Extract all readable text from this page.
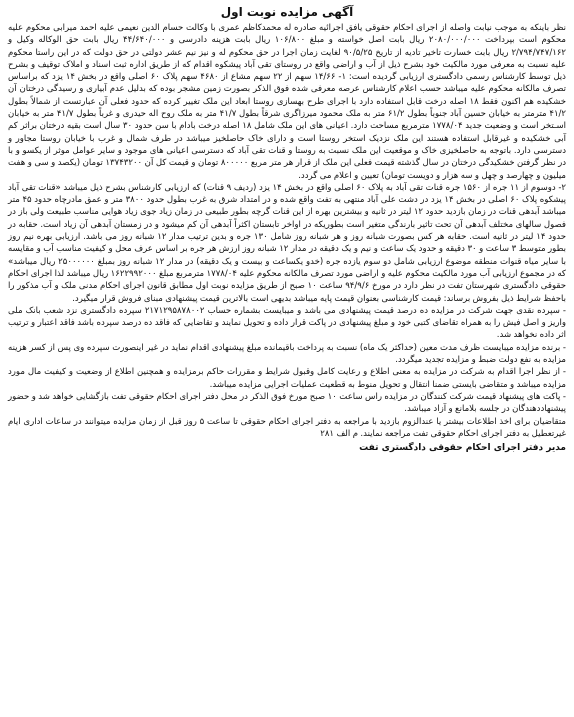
آگهی مزایده نوبت اول

نظر باینکه به موجب نیابت واصله از اجرای احکام حقوقی یافق اجرائیه صادره له محمدکاظم عمری با وکالت حسام الدین نعیمی علیه احمد میرابی محکوم علیه محکوم است بپرداخت ۲۰۸۰/۰۰۰/۰۰۰ ریال بابت اصل خواسته و مبلغ ۱۰۶/۸۰۰ ریال بابت هزینه دادرسی و ۴۴/۶۴۰/۰۰۰ ریال بابت حق الوکاله وکیل و ۲/۷۹۴/۷۴۷/۱۶۲ ریال بابت خسارت تاخیر تادیه از تاریخ ۹۰/۵/۲۵ لغایت زمان اجرا در حق محکوم له و نیز نیم عشر دولتی در حق دولت که در این راستا محکوم علیه نسبت به معرفی مورد مالکیت خود بشرح ذیل از آب و اراضی واقع در روستای تقی آباد پیشکوه اقدام که از طریق اداره ثبت اسناد و املاک توقیف و بشرح ذیل توسط کارشناس رسمی دادگستری ارزیابی گردیده است: ۱- ۱۴/۶۶ سهم از ۲۲ سهم مشاع از ۴۶۸۰ سهم پلاک ۶۰ اصلی واقع در بخش ۱۴ یزد که براساس تصرف مالکانه محکوم علیه میباشد حسب اعلام کارشناس عرصه معرفی شده فوق الذکر بصورت زمین مشجر بوده که بدلیل عدم آبیاری و رسیدگی درختان آن خشکیده هم اکنون فقط ۱۸ اصله درخت قابل استفاده دارد با اجرای طرح بهسازی روستا ابعاد این ملک تغییر کرده که حدود فعلی آن عبارتست از شمالاً بطول ۴۱/۲ مترمتر به خیابان حسین آباد جنوباً بطول ۶۱/۲ متر به ملک محمود میرزاگری شرقاً بطول ۴۱/۷ متر به ملک روح اله حیدری و غرباً بطول ۴۱/۷ متر به خیابان اسـتخر است و وضعیت جدید ۱۷۷۸/۰۴ مترمربع مساحت دارد. اعیانی های این ملک شامل ۱۸ اصله درخت بادام با سن حدود ۳۰ سال است بقیه درختان براثر کم آبی خشکیده و غیرقابل استفاده هستند این ملک نزدیک استخر روستا است و دارای خاک حاصلخیز میباشد در طرف شمال و غرب با خیابان روستا مجاور و دسترسی دارد. باتوجه به حاصلخیزی خاک و موقعیت این ملک نسبت به روستا و قنات تقی آباد که دسترسی اعیانی های موجود و سایر عوامل موثر از یکسو و با در نظر گرفتن خشکیدگی درختان در سال گذشته قیمت فعلی این ملک از قرار هر متر مربع ۸۰۰۰۰۰ تومان و قیمت کل آن ۱۳۷۴۳۲۰۰ تومان (یکصد و سی و هفت میلیون و چهارصد و چهل و سه هزار و دویست تومان) تعیین و اعلام می گردد.

۲- دوسوم از ۱۱ جره از ۱۵۶۰ جره قنات تقی آباد به پلاک ۶۰ اصلی واقع در بخش ۱۴ یزد (ردیف ۹ قنات) که ارزیابی کارشناس بشرح ذیل میباشد «قنات تقی آباد پیشکوه پلاک ۶۰ اصلی در بخش ۱۴ یزد در دشت علی آباد منتهی به تفت واقع شده و در امتداد شرق به غرب بطول حدود ۳۸۰۰ متر و عمق مادرچاه حدود ۴۵ متر میباشد آبدهی قنات در زمان بازدید حدود ۱۲ لیتر در ثانیه و بیشترین بهره از این قنات گرچه بطور طبیعی در زمان زیاد جوی زیاد هوایی مناسب طبیعت ولی باز در فصول سالهای مختلف آبدهی آن تحت تاثیر بارندگی متغیر است بطوریکه در اواخر تابستان اکثراً آبدهی آن کم میشود و در زمستان آبدهی آن زیاد است. حقابه در حدود ۱۴ لیتر در ثانیه است. حقابه هر کس بصورت شبانه روز و هر شبانه روز شامل ۱۳۰ جره و بدین ترتیب مدار ۱۲ شبانه روز می باشد. ارزیابی بهره نیم روز بطور متوسط ۳ ساعت و ۳۰ دقیقه و حدود یک ساعت و نیم و یک دقیقه در مدار ۱۲ شبانه روز ارزش هر جره بر اساس عرف محل و کیفیت مناسب آب و مقایسه با سایر میاه قنوات منطقه موضوع ارزیابی شامل دو سوم یازده جره (خدو یکساعت و بیست و یک دقیقه) در مدار ۱۲ شبانه روز بمبلغ ۲۵۰۰۰۰۰۰ ریال میباشد» که در مجموع ارزیابی آب مورد مالکیت محکوم علیه و اراضی مورد تصرف مالکانه محکوم علیه ۱۷۷۸/۰۴ مترمربع مبلغ ۱۶۲۲۹۹۲۰۰۰ ریال میباشد لذا اجرای احکام حقوقی دادگستری شهرستان تفت در نظر دارد در مورخ ۹۴/۹/۶ ساعت ۱۰ صبح از طریق مزایده نوبت اول مطابق قانون اجرای احکام مدنی ملک و آب مذکور را باحفظ شرایط ذیل بفروش برساند: قیمت کارشناسی بعنوان قیمت پایه میباشد بدیهی است بالاترین قیمت پیشنهادی مبنای فروش قرار میگیرد.

- سپرده نقدی جهت شرکت در مزایده ده درصد قیمت پیشنهادی می باشد و میبایست بشماره حساب ۲۱۷۱۲۹۵۸۷۸۰۰۲ سپرده دادگستری نزد شعب بانک ملی واریز و اصل فیش را به همراه تقاضای کتبی خود و مبلغ پیشنهادی در پاکت قرار داده و تحویل نمایند و تقاضایی که فاقد ده درصد سپرده باشد فاقد اعتبار و ترتیب اثر داده نخواهد شد.

- برنده مزایده میبایست ظرف مدت معین (حداکثر یک ماه) نسبت به پرداخت باقیمانده مبلغ پیشنهادی اقدام نماید در غیر اینصورت سپرده وی پس از کسر هزینه مزایده به نفع دولت ضبط و مزایده تجدید میگردد.

- از نظر اجرا اقدام به شرکت در مزایده به معنی اطلاع و رعایت کامل وقبول شرایط و مقررات حاکم برمزایده و همچنین اطلاع از وضعیت و کیفیت مال مورد مزایده میباشد و متقاضی بایستی ضمنا انتقال و تحویل منوط به قطعیت عملیات اجرایی مزایده میباشد.

- پاکت های پیشنهاد قیمت شرکت کنندگان در مزایده راس ساعت ۱۰ صبح مورخ فوق الذکر در محل دفتر اجرای احکام حقوقی تفت بازگشایی خواهد شد و حضور پیشنهاددهندگان در جلسه بلامانع و آزاد میباشد.

متقاضیان برای اخذ اطلاعات بیشتر یا عندالزوم بازدید با مراجعه به دفتر اجرای احکام حقوقی تا ساعت ۵ روز قبل از زمان مزایده میتوانند در ساعات اداری ایام غیرتعطیل به دفتر اجرای احکام حقوقی تفت مراجعه نمایند. م الف ۲۸۱

مدیر دفتر اجرای احکام حقوقی دادگستری تفت
